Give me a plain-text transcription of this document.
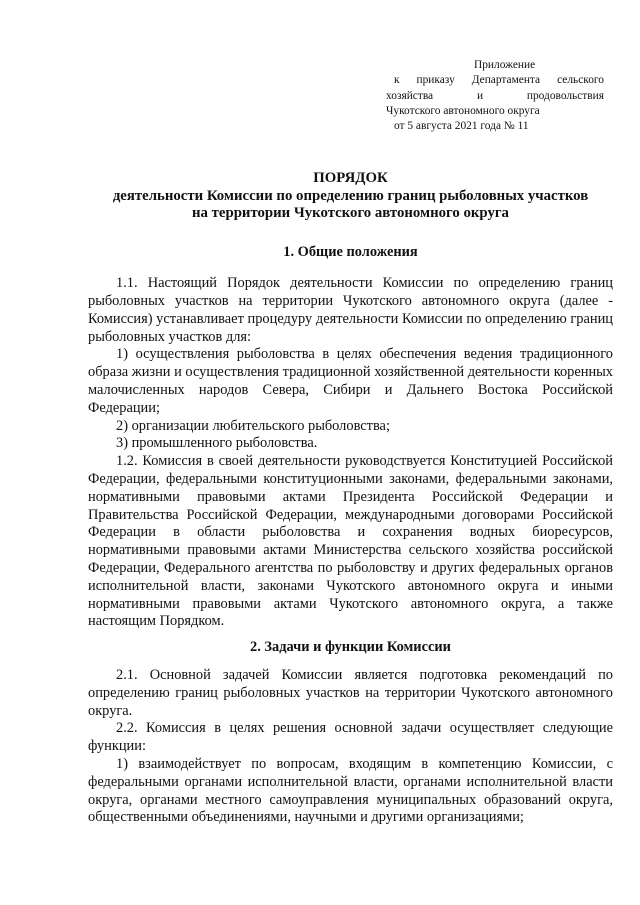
Приложение
к приказу Департамента сельского
хозяйства и продовольствия
Чукотского автономного округа
от 5 августа 2021 года № 11
ПОРЯДОК
деятельности Комиссии по определению границ рыболовных участков
на территории Чукотского автономного округа
1. Общие положения

1.1. Настоящий Порядок деятельности Комиссии по определению границ рыболовных участков на территории Чукотского автономного округа (далее - Комиссия) устанавливает процедуру деятельности Комиссии по определению границ рыболовных участков для:

1) осуществления рыболовства в целях обеспечения ведения традиционного образа жизни и осуществления традиционной хозяйственной деятельности коренных малочисленных народов Севера, Сибири и Дальнего Востока Российской Федерации;

2) организации любительского рыболовства;

3) промышленного рыболовства.

1.2. Комиссия в своей деятельности руководствуется Конституцией Российской Федерации, федеральными конституционными законами, федеральными законами, нормативными правовыми актами Президента Российской Федерации и Правительства Российской Федерации, международными договорами Российской Федерации в области рыболовства и сохранения водных биоресурсов, нормативными правовыми актами Министерства сельского хозяйства российской Федерации, Федерального агентства по рыболовству и других федеральных органов исполнительной власти, законами Чукотского автономного округа и иными нормативными правовыми актами Чукотского автономного округа, а также настоящим Порядком.

2. Задачи и функции Комиссии

2.1. Основной задачей Комиссии является подготовка рекомендаций по определению границ рыболовных участков на территории Чукотского автономного округа.

2.2. Комиссия в целях решения основной задачи осуществляет следующие функции:

1) взаимодействует по вопросам, входящим в компетенцию Комиссии, с федеральными органами исполнительной власти, органами исполнительной власти округа, органами местного самоуправления муниципальных образований округа, общественными объединениями, научными и другими организациями;
